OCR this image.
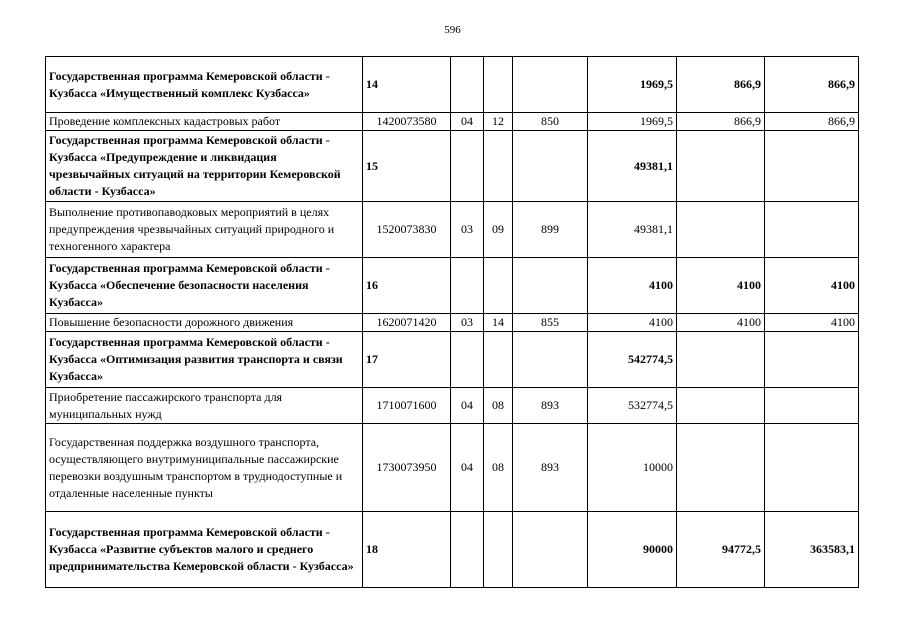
596
Государственная программа Кемеровской области - Кузбасса «Имущественный комплекс Кузбасса»	14				1969,5	866,9	866,9
Проведение комплексных кадастровых работ	1420073580	04	12	850	1969,5	866,9	866,9
Государственная программа Кемеровской области - Кузбасса «Предупреждение и ликвидация чрезвычайных ситуаций на территории Кемеровской области - Кузбасса»	15				49381,1		
Выполнение противопаводковых мероприятий в целях предупреждения чрезвычайных ситуаций природного и техногенного характера	1520073830	03	09	899	49381,1		
Государственная программа Кемеровской области - Кузбасса «Обеспечение безопасности населения Кузбасса»	16				4100	4100	4100
Повышение безопасности дорожного движения	1620071420	03	14	855	4100	4100	4100
Государственная программа Кемеровской области - Кузбасса «Оптимизация развития транспорта и связи Кузбасса»	17				542774,5		
Приобретение пассажирского транспорта для муниципальных нужд	1710071600	04	08	893	532774,5		
Государственная поддержка воздушного транспорта, осуществляющего внутримуниципальные пассажирские перевозки воздушным транспортом в труднодоступные и отдаленные населенные пункты	1730073950	04	08	893	10000		
Государственная программа Кемеровской области - Кузбасса «Развитие субъектов малого и среднего предпринимательства Кемеровской области - Кузбасса»	18				90000	94772,5	363583,1
